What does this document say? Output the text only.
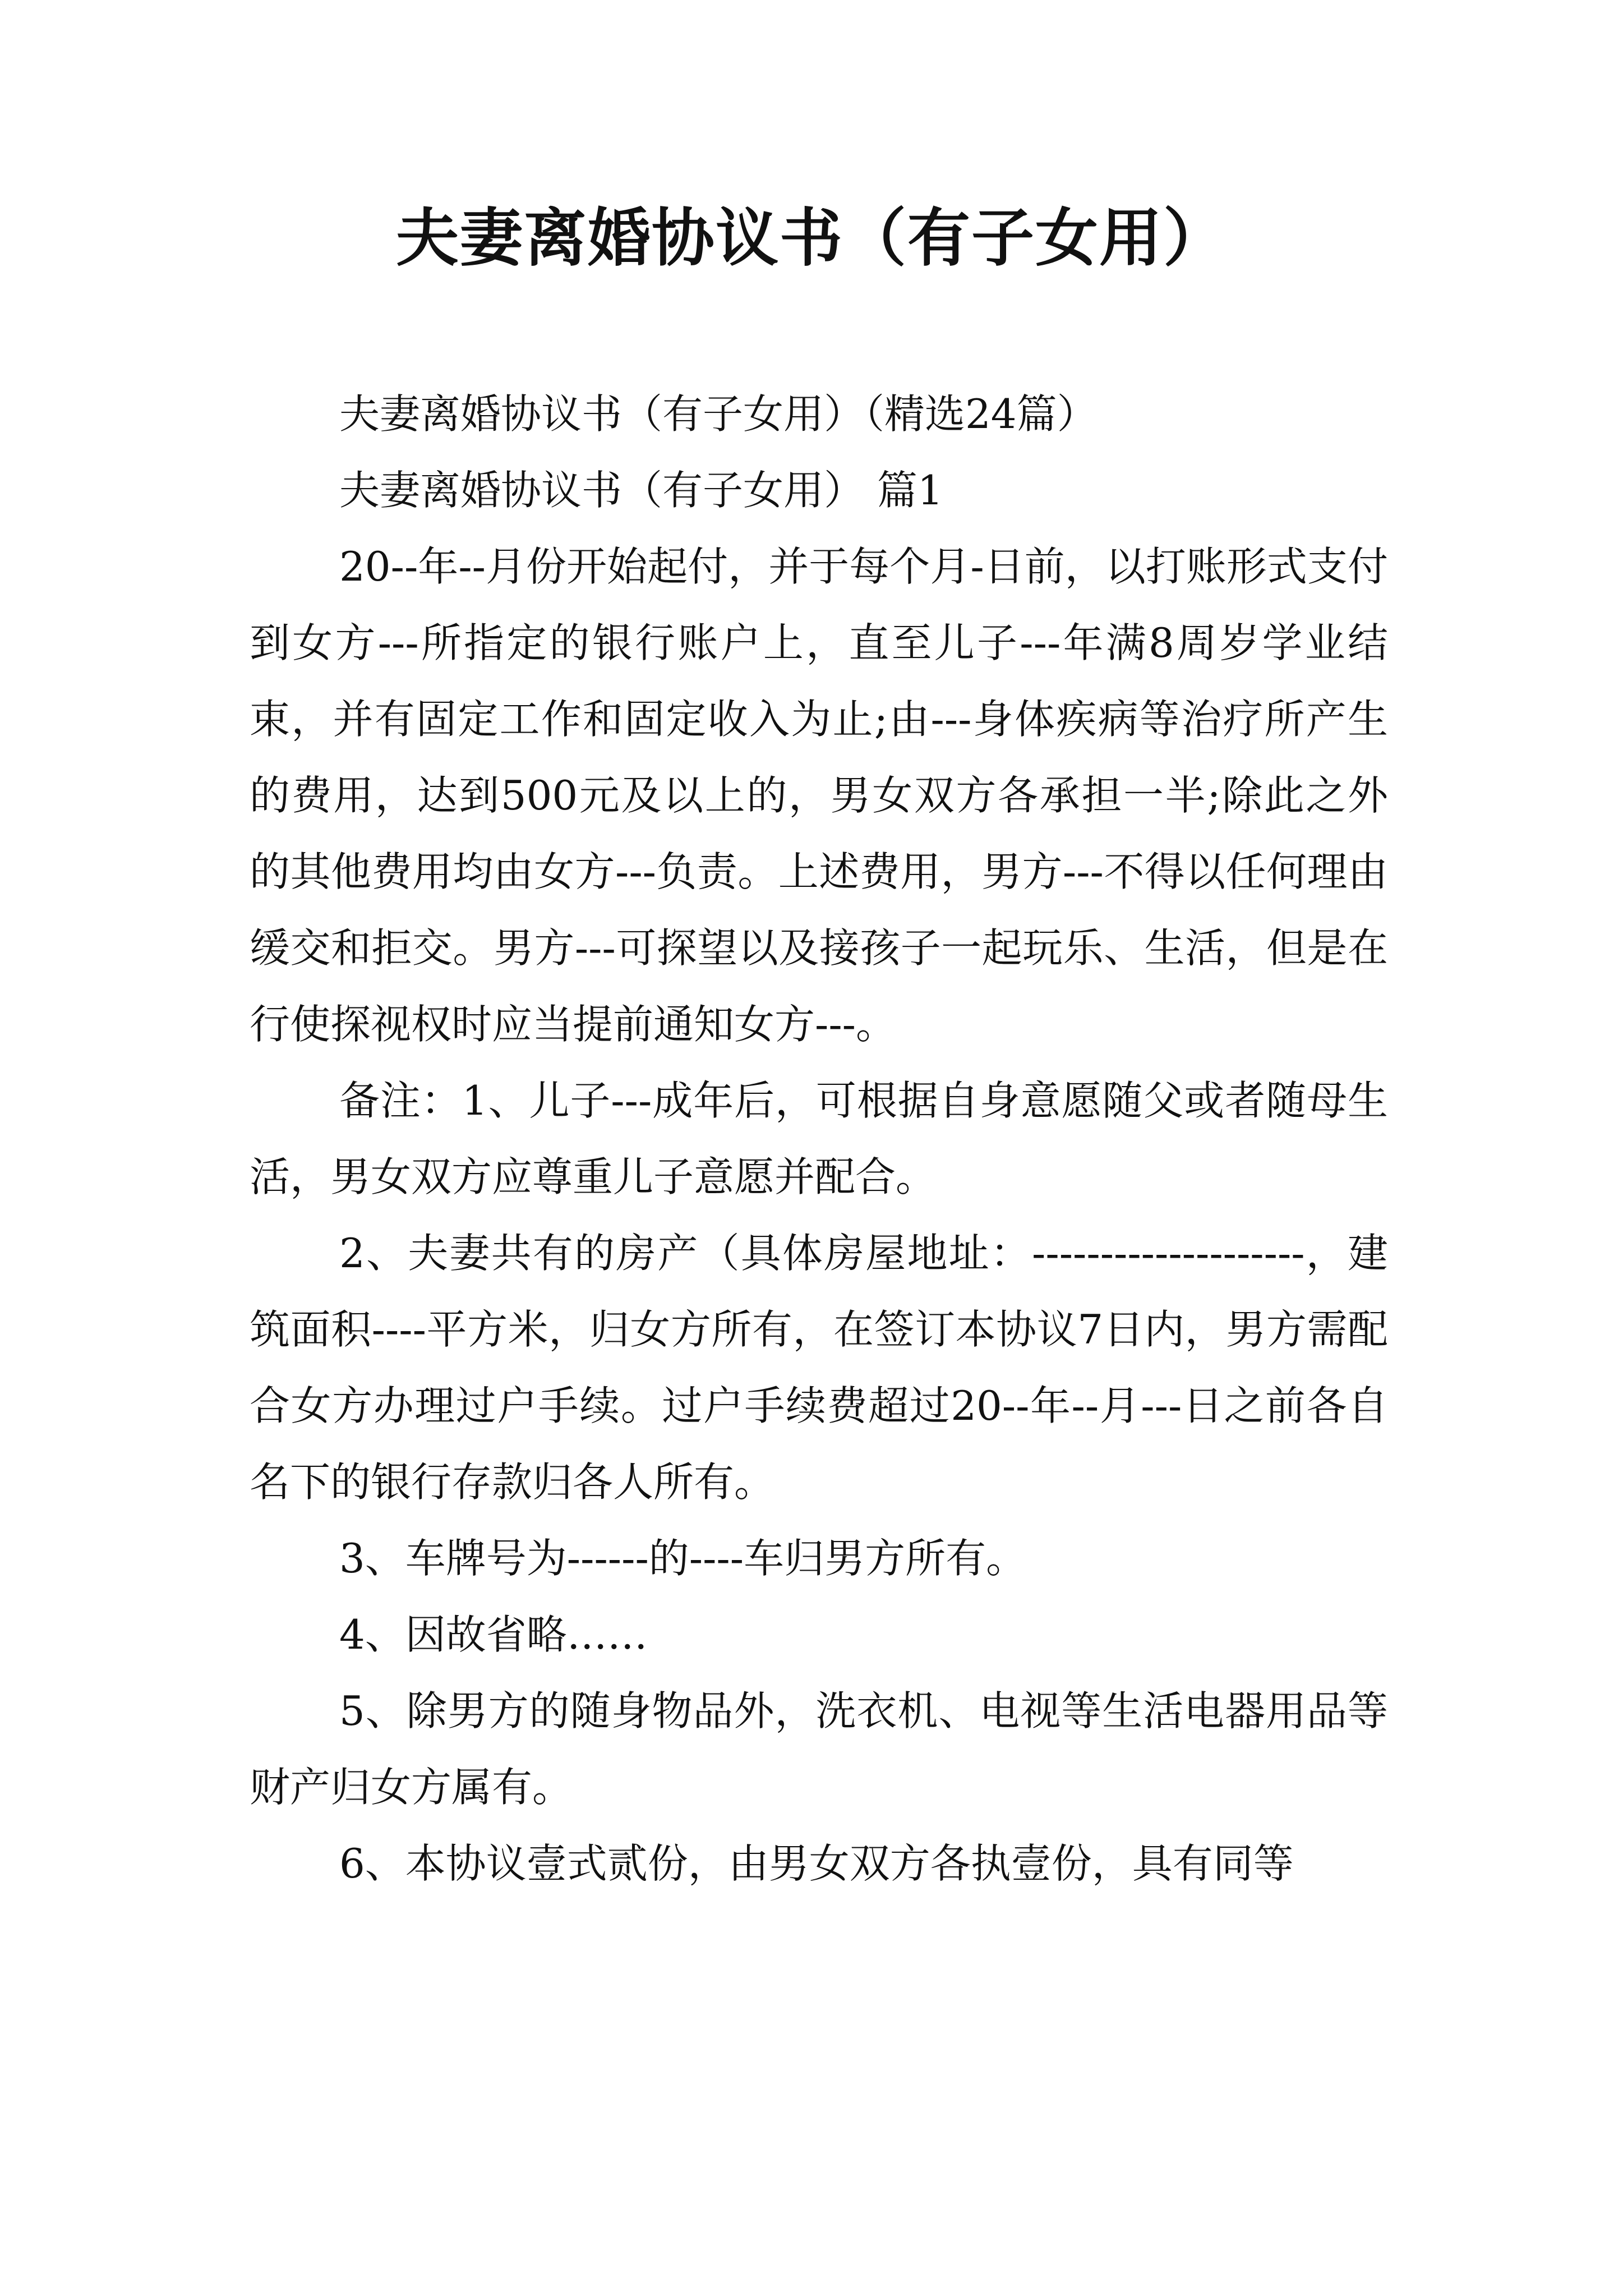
夫妻离婚协议书（有子女用）

夫妻离婚协议书（有子女用）（精选24篇）

夫妻离婚协议书（有子女用） 篇1

20--年--月份开始起付，并于每个月-日前，以打账形式支付到女方---所指定的银行账户上，直至儿子---年满8周岁学业结束，并有固定工作和固定收入为止;由---身体疾病等治疗所产生的费用，达到500元及以上的，男女双方各承担一半;除此之外的其他费用均由女方---负责。上述费用，男方---不得以任何理由缓交和拒交。男方---可探望以及接孩子一起玩乐、生活，但是在行使探视权时应当提前通知女方---。

备注：1、儿子---成年后，可根据自身意愿随父或者随母生活，男女双方应尊重儿子意愿并配合。

2、夫妻共有的房产（具体房屋地址：--------------------，建筑面积----平方米，归女方所有，在签订本协议7日内，男方需配合女方办理过户手续。过户手续费超过20--年--月---日之前各自名下的银行存款归各人所有。

3、车牌号为------的----车归男方所有。

4、因故省略……

5、除男方的随身物品外，洗衣机、电视等生活电器用品等财产归女方属有。

6、本协议壹式贰份，由男女双方各执壹份，具有同等
